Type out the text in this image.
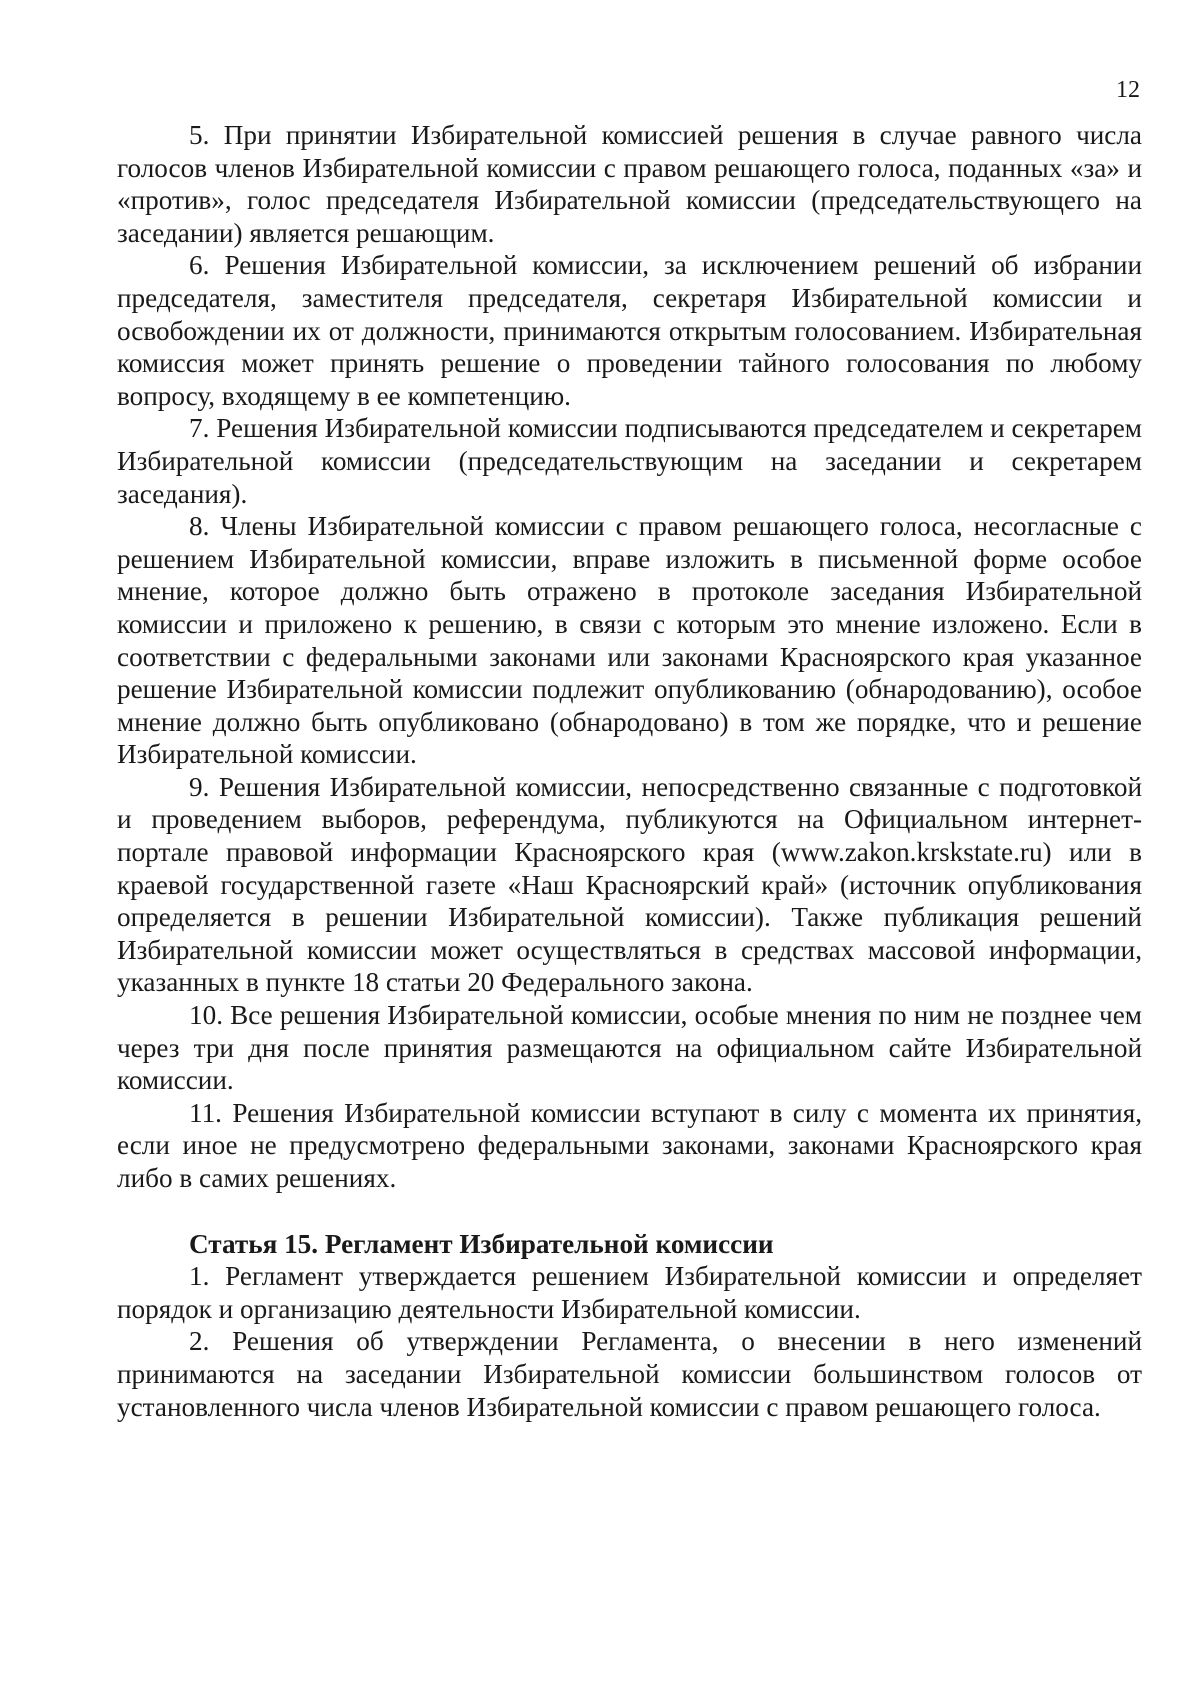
12

5. При принятии Избирательной комиссией решения в случае равного числа голосов членов Избирательной комиссии с правом решающего голоса, поданных «за» и «против», голос председателя Избирательной комиссии (председательствующего на заседании) является решающим.

6. Решения Избирательной комиссии, за исключением решений об избрании председателя, заместителя председателя, секретаря Избирательной комиссии и освобождении их от должности, принимаются открытым голосованием. Избирательная комиссия может принять решение о проведении тайного голосования по любому вопросу, входящему в ее компетенцию.

7. Решения Избирательной комиссии подписываются председателем и секретарем Избирательной комиссии (председательствующим на заседании и секретарем заседания).

8. Члены Избирательной комиссии с правом решающего голоса, несогласные с решением Избирательной комиссии, вправе изложить в письменной форме особое мнение, которое должно быть отражено в протоколе заседания Избирательной комиссии и приложено к решению, в связи с которым это мнение изложено. Если в соответствии с федеральными законами или законами Красноярского края указанное решение Избирательной комиссии подлежит опубликованию (обнародованию), особое мнение должно быть опубликовано (обнародовано) в том же порядке, что и решение Избирательной комиссии.

9. Решения Избирательной комиссии, непосредственно связанные с подготовкой и проведением выборов, референдума, публикуются на Официальном интернет-портале правовой информации Красноярского края (www.zakon.krskstate.ru) или в краевой государственной газете «Наш Красноярский край» (источник опубликования определяется в решении Избирательной комиссии). Также публикация решений Избирательной комиссии может осуществляться в средствах массовой информации, указанных в пункте 18 статьи 20 Федерального закона.

10. Все решения Избирательной комиссии, особые мнения по ним не позднее чем через три дня после принятия размещаются на официальном сайте Избирательной комиссии.

11. Решения Избирательной комиссии вступают в силу с момента их принятия, если иное не предусмотрено федеральными законами, законами Красноярского края либо в самих решениях.

Статья 15. Регламент Избирательной комиссии

1. Регламент утверждается решением Избирательной комиссии и определяет порядок и организацию деятельности Избирательной комиссии.

2. Решения об утверждении Регламента, о внесении в него изменений принимаются на заседании Избирательной комиссии большинством голосов от установленного числа членов Избирательной комиссии с правом решающего голоса.
